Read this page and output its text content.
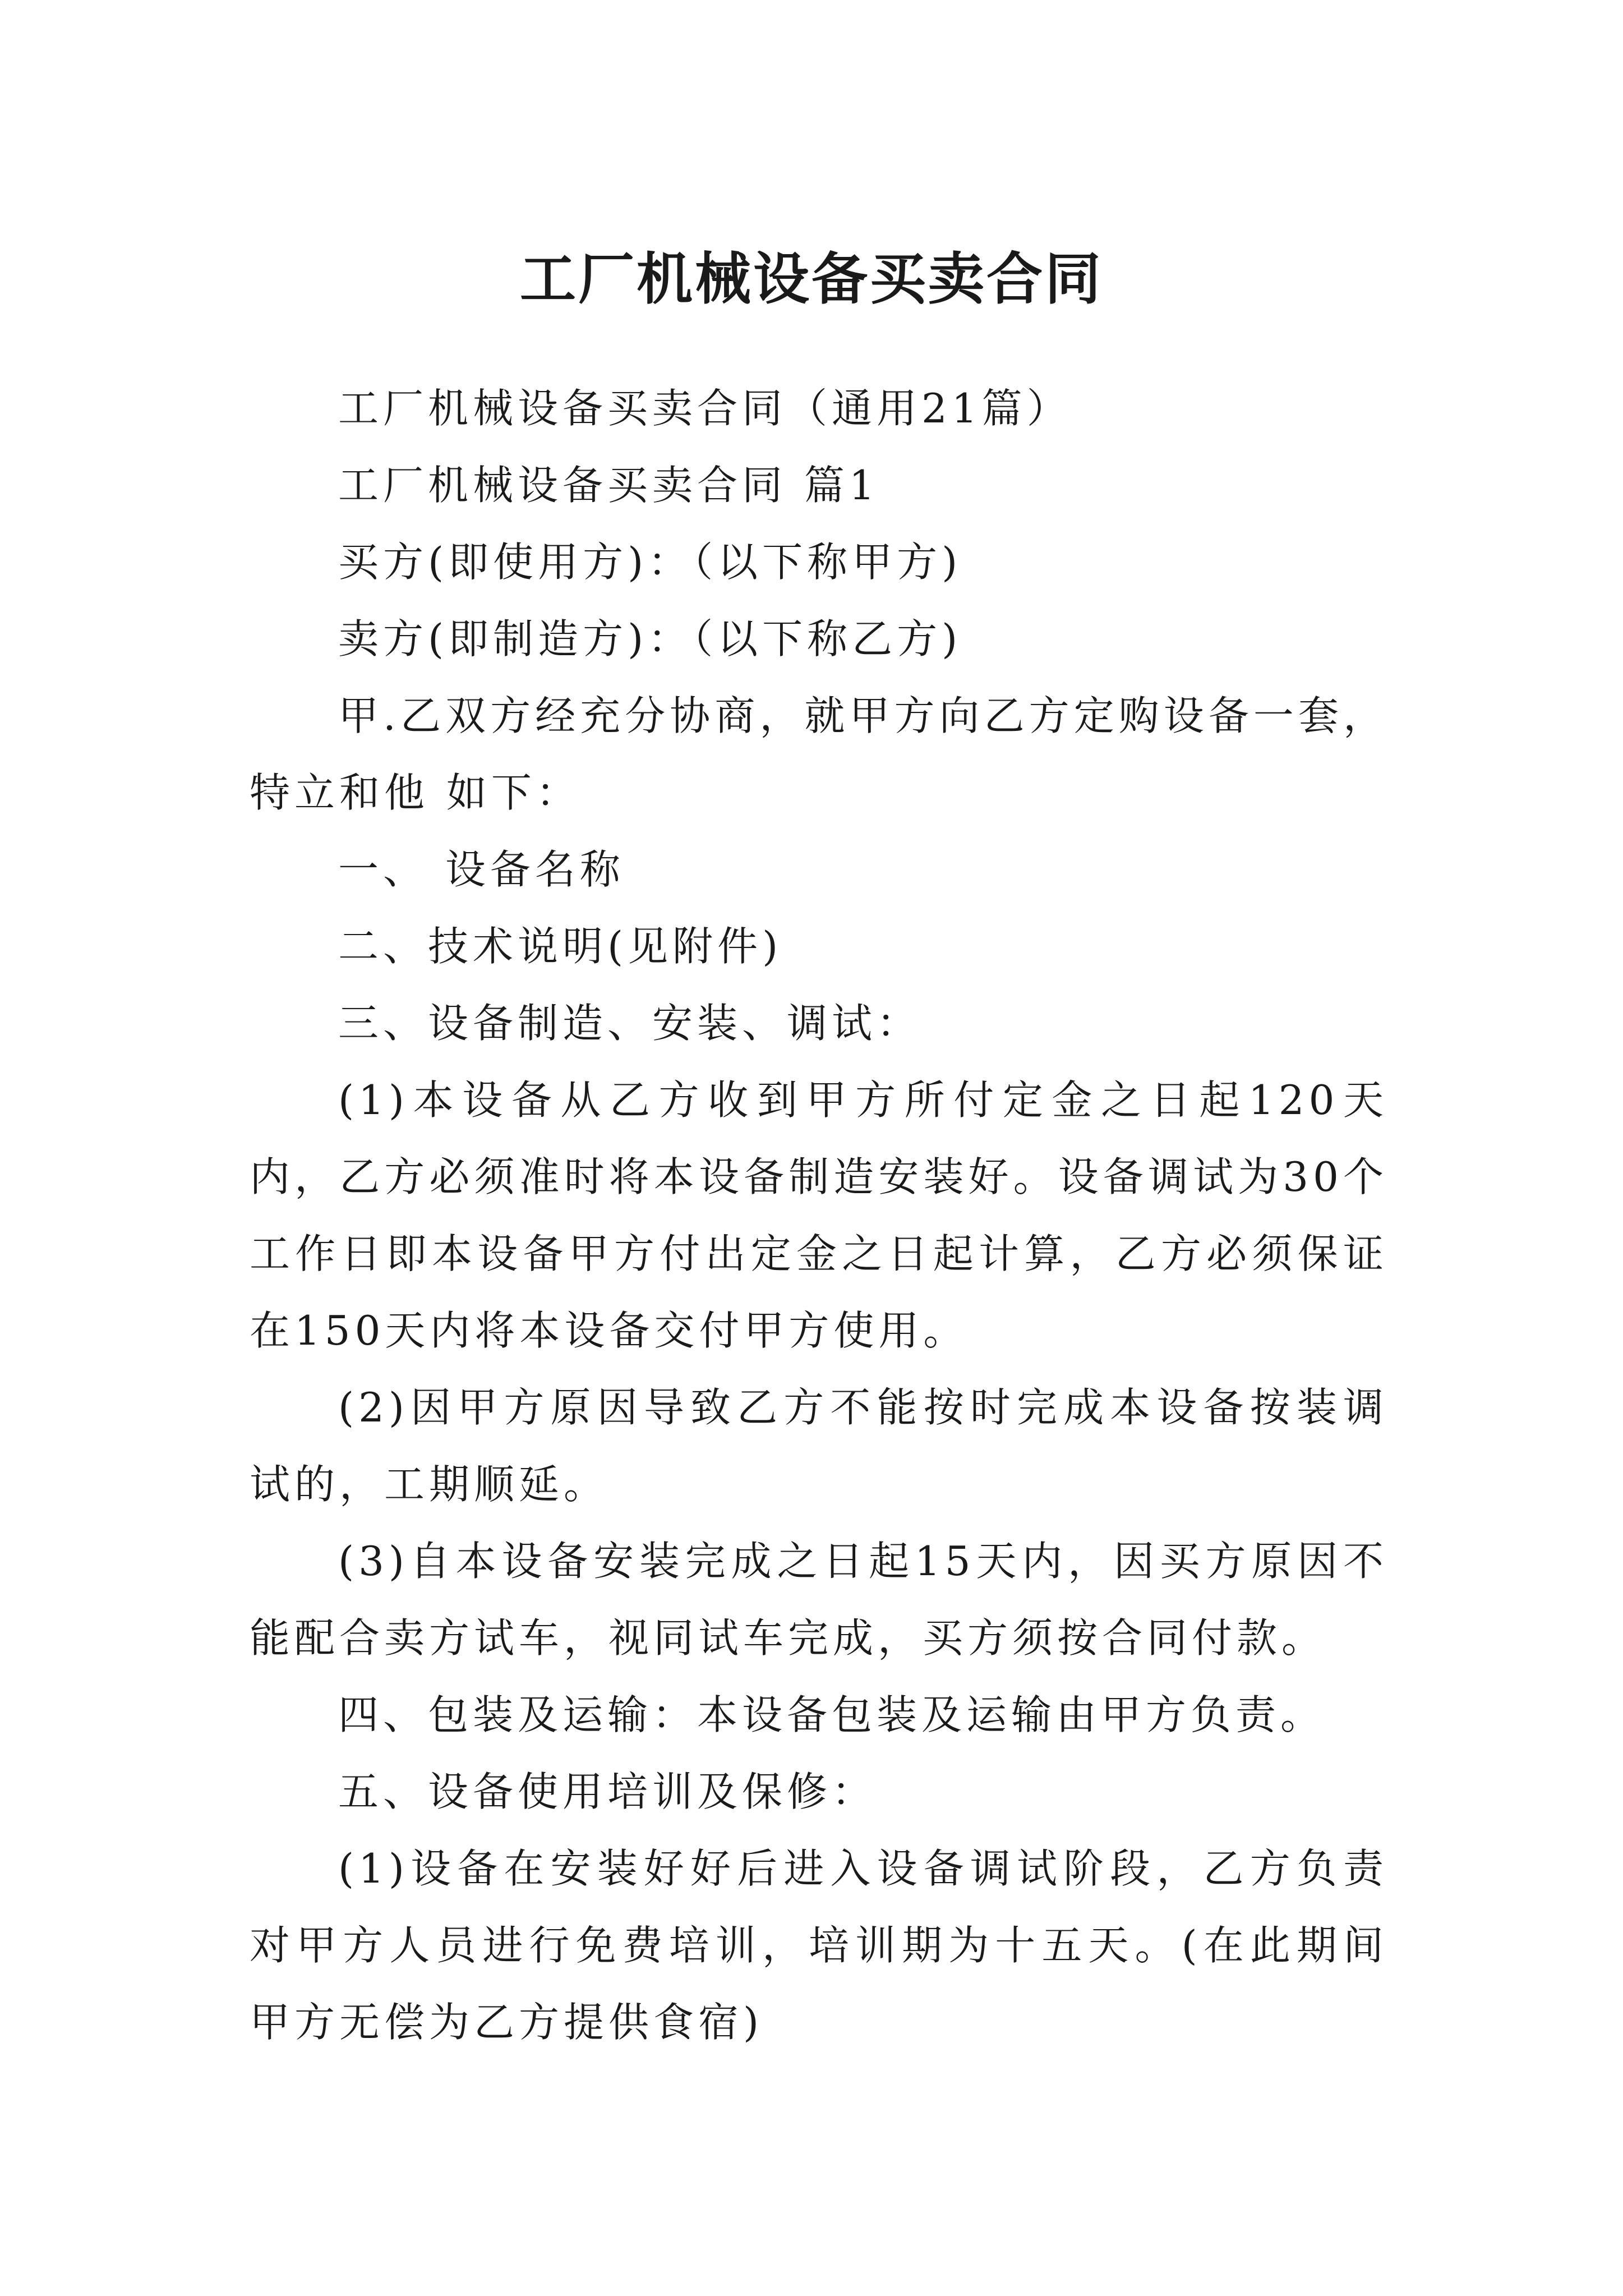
工厂机械设备买卖合同

工厂机械设备买卖合同（通用21篇）

工厂机械设备买卖合同 篇1

买方(即使用方)：（以下称甲方)

卖方(即制造方)：（以下称乙方)

甲.乙双方经充分协商，就甲方向乙方定购设备一套，特立和他 如下：

一、 设备名称

二、技术说明(见附件)

三、设备制造、安装、调试：

(1)本设备从乙方收到甲方所付定金之日起120天内，乙方必须准时将本设备制造安装好。设备调试为30个工作日即本设备甲方付出定金之日起计算，乙方必须保证在150天内将本设备交付甲方使用。

(2)因甲方原因导致乙方不能按时完成本设备按装调试的，工期顺延。

(3)自本设备安装完成之日起15天内，因买方原因不能配合卖方试车，视同试车完成，买方须按合同付款。

四、包装及运输：本设备包装及运输由甲方负责。

五、设备使用培训及保修：

(1)设备在安装好好后进入设备调试阶段，乙方负责对甲方人员进行免费培训，培训期为十五天。(在此期间甲方无偿为乙方提供食宿)
